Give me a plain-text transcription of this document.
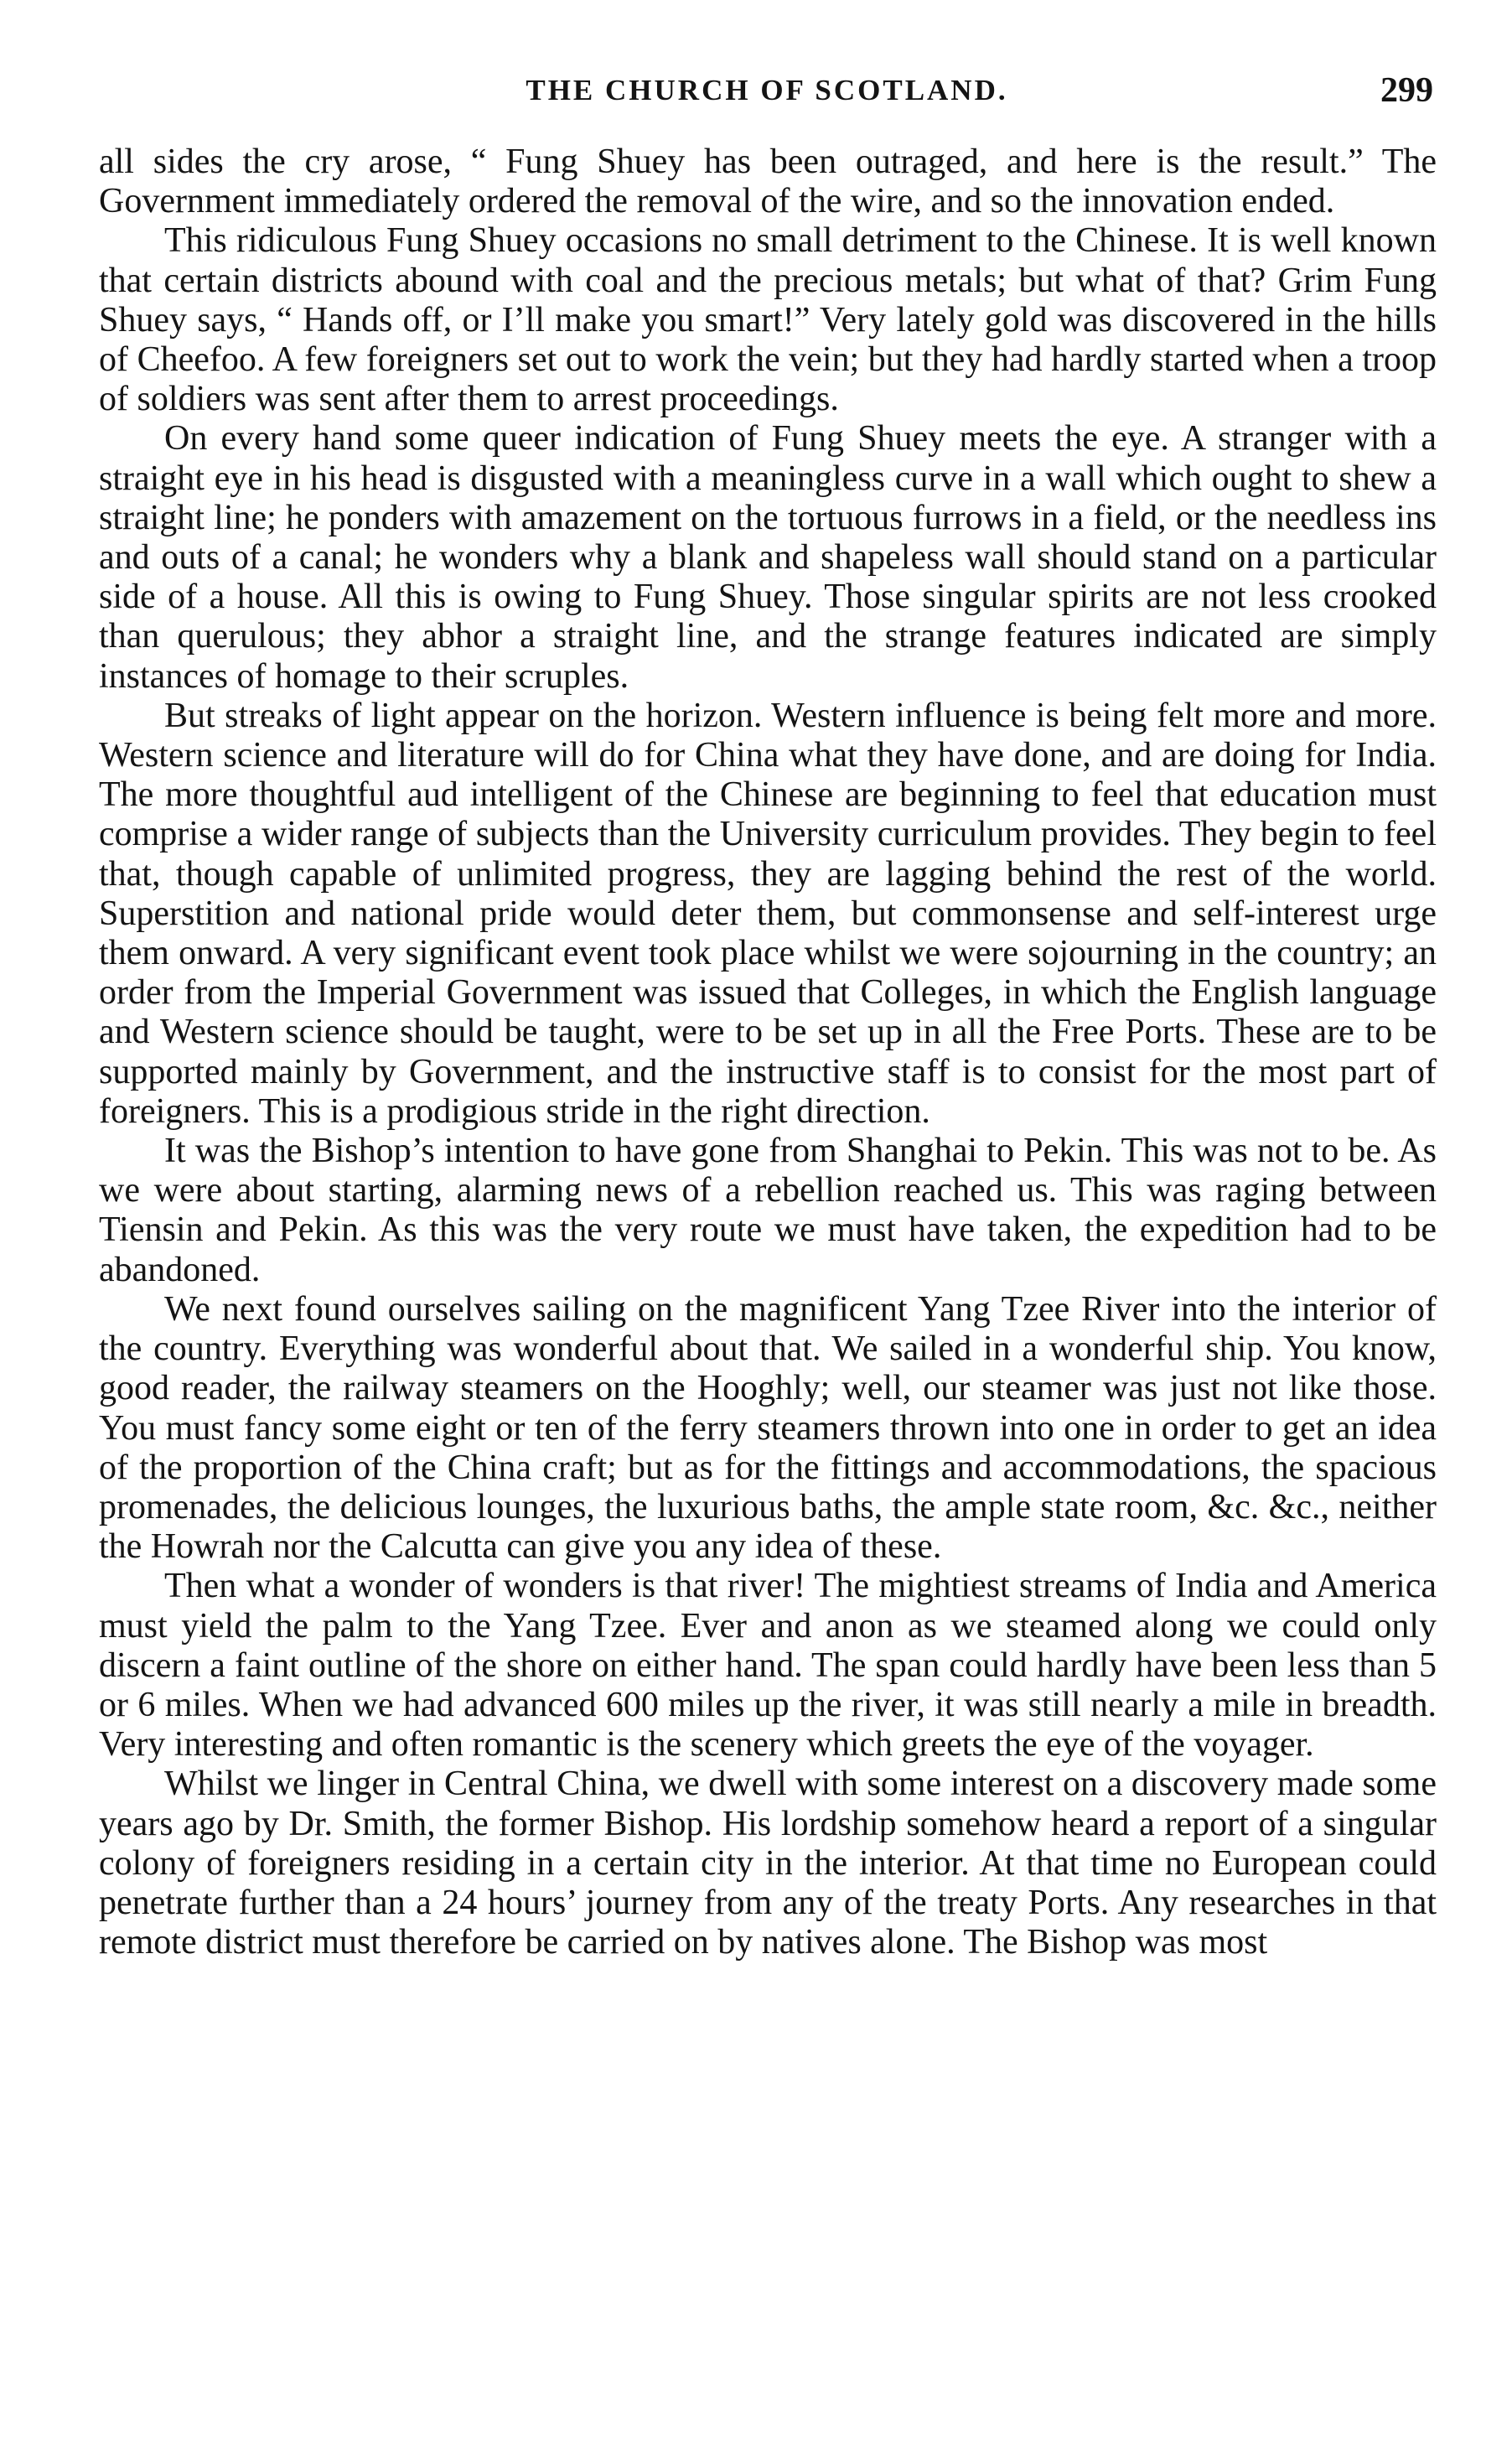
THE CHURCH OF SCOTLAND.	299

all sides the cry arose, “ Fung Shuey has been outraged, and here is the result.” The Government immediately ordered the removal of the wire, and so the innovation ended.

This ridiculous Fung Shuey occasions no small detriment to the Chinese. It is well known that certain districts abound with coal and the precious metals; but what of that? Grim Fung Shuey says, “ Hands off, or I’ll make you smart!” Very lately gold was discovered in the hills of Cheefoo. A few foreigners set out to work the vein; but they had hardly started when a troop of soldiers was sent after them to arrest proceedings.

On every hand some queer indication of Fung Shuey meets the eye. A stranger with a straight eye in his head is disgusted with a meaningless curve in a wall which ought to shew a straight line; he ponders with amazement on the tortuous furrows in a field, or the needless ins and outs of a canal; he wonders why a blank and shapeless wall should stand on a particular side of a house. All this is owing to Fung Shuey. Those singular spirits are not less crooked than querulous; they abhor a straight line, and the strange features indicated are simply instances of homage to their scruples.

But streaks of light appear on the horizon. Western influence is being felt more and more. Western science and literature will do for China what they have done, and are doing for India. The more thoughtful aud intelligent of the Chinese are beginning to feel that education must comprise a wider range of subjects than the University curriculum provides. They begin to feel that, though capable of unlimited progress, they are lagging behind the rest of the world. Superstition and national pride would deter them, but commonsense and self-interest urge them onward. A very significant event took place whilst we were sojourning in the country; an order from the Imperial Government was issued that Colleges, in which the English language and Western science should be taught, were to be set up in all the Free Ports. These are to be supported mainly by Government, and the instructive staff is to consist for the most part of foreigners. This is a prodigious stride in the right direction.

It was the Bishop’s intention to have gone from Shanghai to Pekin. This was not to be. As we were about starting, alarming news of a rebellion reached us. This was raging between Tiensin and Pekin. As this was the very route we must have taken, the expedition had to be abandoned.

We next found ourselves sailing on the magnificent Yang Tzee River into the interior of the country. Everything was wonderful about that. We sailed in a wonderful ship. You know, good reader, the railway steamers on the Hooghly; well, our steamer was just not like those. You must fancy some eight or ten of the ferry steamers thrown into one in order to get an idea of the proportion of the China craft; but as for the fittings and accommodations, the spacious promenades, the delicious lounges, the luxurious baths, the ample state room, &c. &c., neither the Howrah nor the Calcutta can give you any idea of these.

Then what a wonder of wonders is that river! The mightiest streams of India and America must yield the palm to the Yang Tzee. Ever and anon as we steamed along we could only discern a faint outline of the shore on either hand. The span could hardly have been less than 5 or 6 miles. When we had advanced 600 miles up the river, it was still nearly a mile in breadth. Very interesting and often romantic is the scenery which greets the eye of the voyager.

Whilst we linger in Central China, we dwell with some interest on a discovery made some years ago by Dr. Smith, the former Bishop. His lordship somehow heard a report of a singular colony of foreigners residing in a certain city in the interior. At that time no European could penetrate further than a 24 hours’ journey from any of the treaty Ports. Any researches in that remote district must therefore be carried on by natives alone. The Bishop was most
